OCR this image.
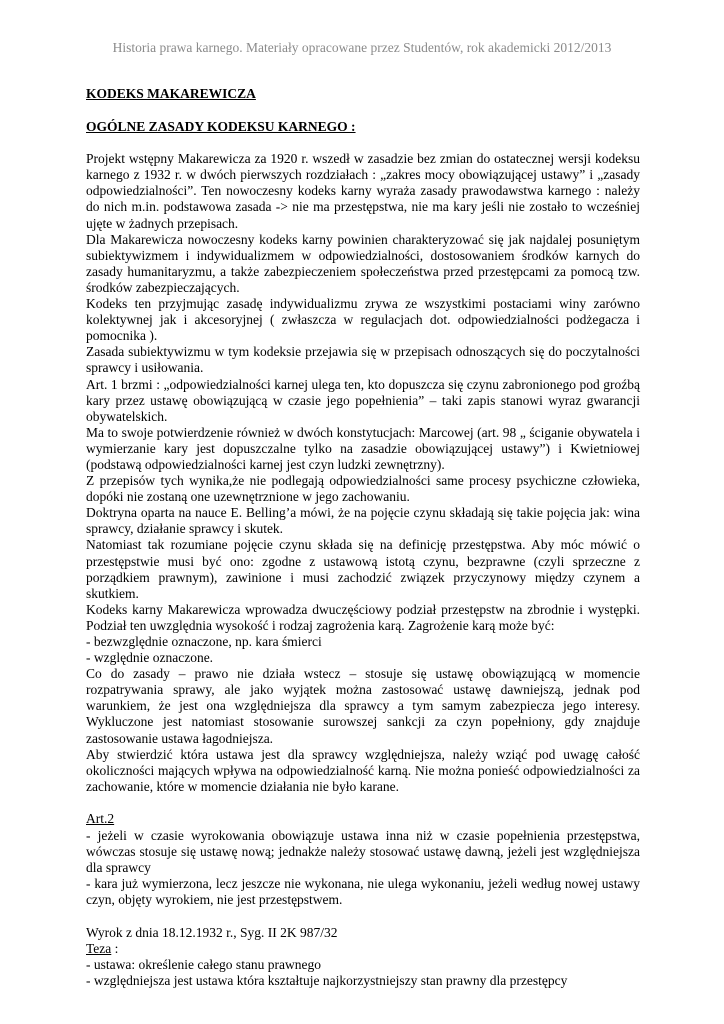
Historia prawa karnego. Materiały opracowane przez Studentów, rok akademicki 2012/2013

KODEKS MAKAREWICZA

OGÓLNE ZASADY KODEKSU KARNEGO :

Projekt wstępny Makarewicza za 1920 r. wszedł w zasadzie bez zmian do ostatecznej wersji kodeksu karnego z 1932 r. w dwóch pierwszych rozdziałach : „zakres mocy obowiązującej ustawy” i „zasady odpowiedzialności”. Ten nowoczesny kodeks karny wyraża zasady prawodawstwa karnego : należy do nich m.in. podstawowa zasada -> nie ma przestępstwa, nie ma kary jeśli nie zostało to wcześniej ujęte w żadnych przepisach.

Dla Makarewicza nowoczesny kodeks karny powinien charakteryzować się jak najdalej posuniętym subiektywizmem i indywidualizmem w odpowiedzialności, dostosowaniem środków karnych do zasady humanitaryzmu, a także zabezpieczeniem społeczeństwa przed przestępcami za pomocą tzw. środków zabezpieczających.

Kodeks ten przyjmując zasadę indywidualizmu zrywa ze wszystkimi postaciami winy zarówno kolektywnej jak i akcesoryjnej ( zwłaszcza w regulacjach dot. odpowiedzialności podżegacza i pomocnika ).

Zasada subiektywizmu w tym kodeksie przejawia się w przepisach odnoszących się do poczytalności sprawcy i usiłowania.

Art. 1 brzmi : „odpowiedzialności karnej ulega ten, kto dopuszcza się czynu zabronionego pod groźbą kary przez ustawę obowiązującą w czasie jego popełnienia” – taki zapis stanowi wyraz gwarancji obywatelskich.

Ma to swoje potwierdzenie również w dwóch konstytucjach: Marcowej (art. 98 „ ściganie obywatela i wymierzanie kary jest dopuszczalne tylko na zasadzie obowiązującej ustawy”) i Kwietniowej (podstawą odpowiedzialności karnej jest czyn ludzki zewnętrzny).

Z przepisów tych wynika,że nie podlegają odpowiedzialności same procesy psychiczne człowieka, dopóki nie zostaną one uzewnętrznione w jego zachowaniu.

Doktryna oparta na nauce E. Belling’a mówi, że na pojęcie czynu składają się takie pojęcia jak: wina sprawcy, działanie sprawcy i skutek.

Natomiast tak rozumiane pojęcie czynu składa się na definicję przestępstwa. Aby móc mówić o przestępstwie musi być ono: zgodne z ustawową istotą czynu, bezprawne (czyli sprzeczne z porządkiem prawnym), zawinione i musi zachodzić związek przyczynowy między czynem a skutkiem.

Kodeks karny Makarewicza wprowadza dwuczęściowy podział przestępstw na zbrodnie i występki. Podział ten uwzględnia wysokość i rodzaj zagrożenia karą. Zagrożenie karą może być:

- bezwzględnie oznaczone, np. kara śmierci

- względnie oznaczone.

Co do zasady – prawo nie działa wstecz – stosuje się ustawę obowiązującą w momencie rozpatrywania sprawy, ale jako wyjątek można zastosować ustawę dawniejszą, jednak pod warunkiem, że jest ona względniejsza dla sprawcy a tym samym zabezpiecza jego interesy. Wykluczone jest natomiast stosowanie surowszej sankcji za czyn popełniony, gdy znajduje zastosowanie ustawa łagodniejsza.

Aby stwierdzić która ustawa jest dla sprawcy względniejsza, należy wziąć pod uwagę całość okoliczności mających wpływa na odpowiedzialność karną. Nie można ponieść odpowiedzialności za zachowanie, które w momencie działania nie było karane.

Art.2

- jeżeli w czasie wyrokowania obowiązuje ustawa inna niż w czasie popełnienia przestępstwa, wówczas stosuje się ustawę nową; jednakże należy stosować ustawę dawną, jeżeli jest względniejsza dla sprawcy

- kara już wymierzona, lecz jeszcze nie wykonana, nie ulega wykonaniu, jeżeli według nowej ustawy czyn, objęty wyrokiem, nie jest przestępstwem.

Wyrok z dnia 18.12.1932 r., Syg. II 2K 987/32

Teza :

- ustawa: określenie całego stanu prawnego

- względniejsza jest ustawa która kształtuje najkorzystniejszy stan prawny dla przestępcy
